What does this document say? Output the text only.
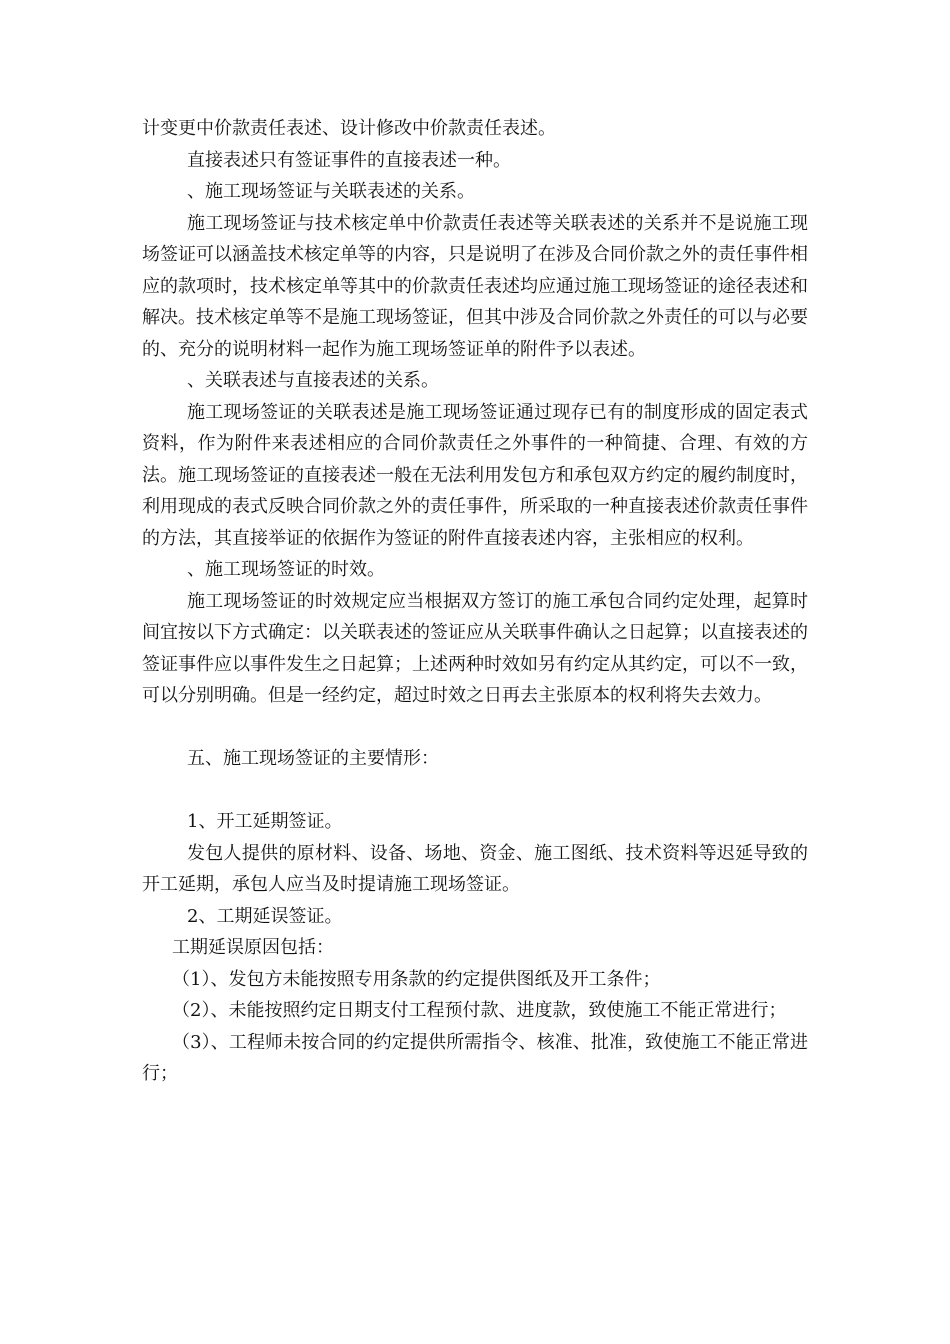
计变更中价款责任表述、设计修改中价款责任表述。

直接表述只有签证事件的直接表述一种。

、施工现场签证与关联表述的关系。

施工现场签证与技术核定单中价款责任表述等关联表述的关系并不是说施工现场签证可以涵盖技术核定单等的内容，只是说明了在涉及合同价款之外的责任事件相应的款项时，技术核定单等其中的价款责任表述均应通过施工现场签证的途径表述和解决。技术核定单等不是施工现场签证，但其中涉及合同价款之外责任的可以与必要的、充分的说明材料一起作为施工现场签证单的附件予以表述。

、关联表述与直接表述的关系。

施工现场签证的关联表述是施工现场签证通过现存已有的制度形成的固定表式资料，作为附件来表述相应的合同价款责任之外事件的一种简捷、合理、有效的方法。施工现场签证的直接表述一般在无法利用发包方和承包双方约定的履约制度时，利用现成的表式反映合同价款之外的责任事件，所采取的一种直接表述价款责任事件的方法，其直接举证的依据作为签证的附件直接表述内容，主张相应的权利。

、施工现场签证的时效。

施工现场签证的时效规定应当根据双方签订的施工承包合同约定处理，起算时间宜按以下方式确定：以关联表述的签证应从关联事件确认之日起算；以直接表述的签证事件应以事件发生之日起算；上述两种时效如另有约定从其约定，可以不一致，可以分别明确。但是一经约定，超过时效之日再去主张原本的权利将失去效力。

五、施工现场签证的主要情形：

1、开工延期签证。

发包人提供的原材料、设备、场地、资金、施工图纸、技术资料等迟延导致的开工延期，承包人应当及时提请施工现场签证。

2、工期延误签证。

工期延误原因包括：

（1）、发包方未能按照专用条款的约定提供图纸及开工条件；

（2）、未能按照约定日期支付工程预付款、进度款，致使施工不能正常进行；

（3）、工程师未按合同的约定提供所需指令、核准、批准，致使施工不能正常进行；
